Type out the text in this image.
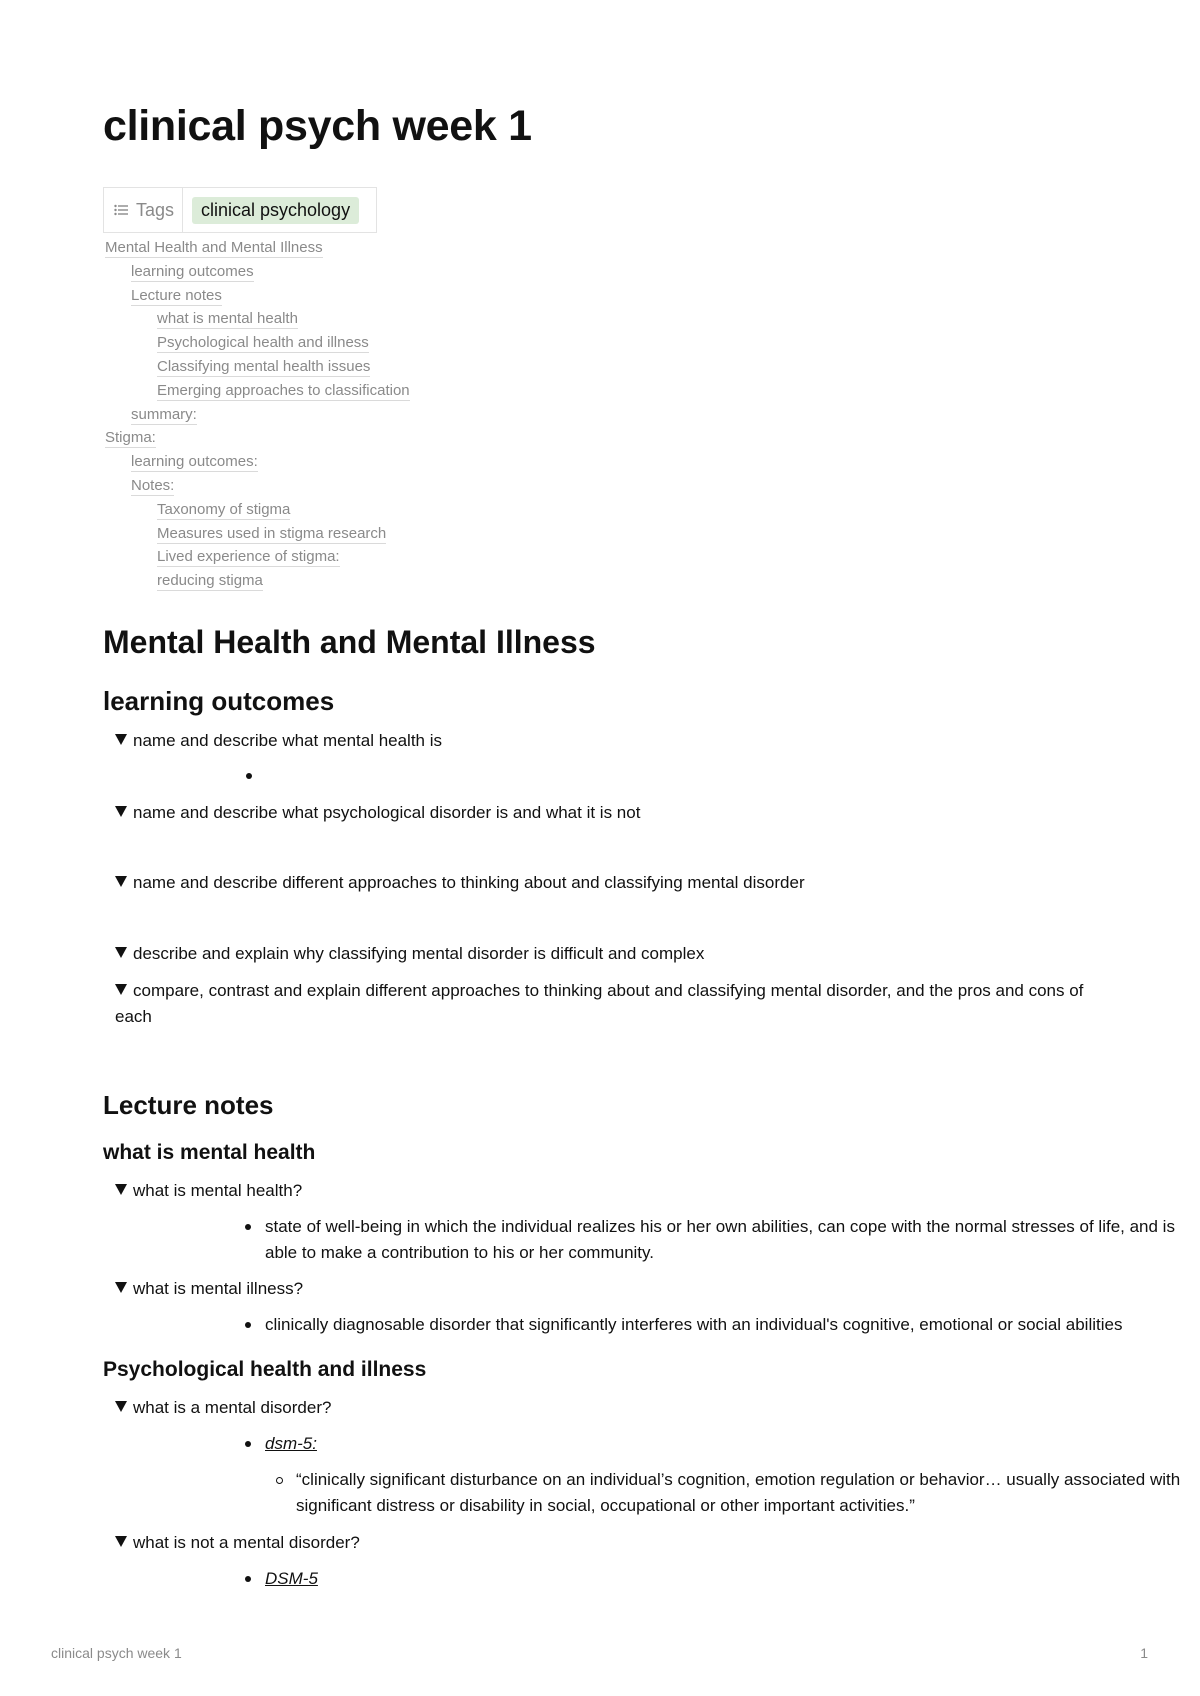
clinical psych week 1
Tags	clinical psychology
Mental Health and Mental Illness
learning outcomes
Lecture notes
what is mental health
Psychological health and illness
Classifying mental health issues
Emerging approaches to classification
summary:
Stigma:
learning outcomes:
Notes:
Taxonomy of stigma
Measures used in stigma research
Lived experience of stigma:
reducing stigma
Mental Health and Mental Illness
learning outcomes
name and describe what mental health is
name and describe what psychological disorder is and what it is not
name and describe different approaches to thinking about and classifying mental disorder
describe and explain why classifying mental disorder is difficult and complex
compare, contrast and explain different approaches to thinking about and classifying mental disorder, and the pros and cons of each
Lecture notes
what is mental health
what is mental health?
state of well-being in which the individual realizes his or her own abilities, can cope with the normal stresses of life, and is able to make a contribution to his or her community.
what is mental illness?
clinically diagnosable disorder that significantly interferes with an individual's cognitive, emotional or social abilities
Psychological health and illness
what is a mental disorder?
dsm-5:
“clinically significant disturbance on an individual’s cognition, emotion regulation or behavior… usually associated with significant distress or disability in social, occupational or other important activities.”
what is not a mental disorder?
DSM-5
clinical psych week 1	1
